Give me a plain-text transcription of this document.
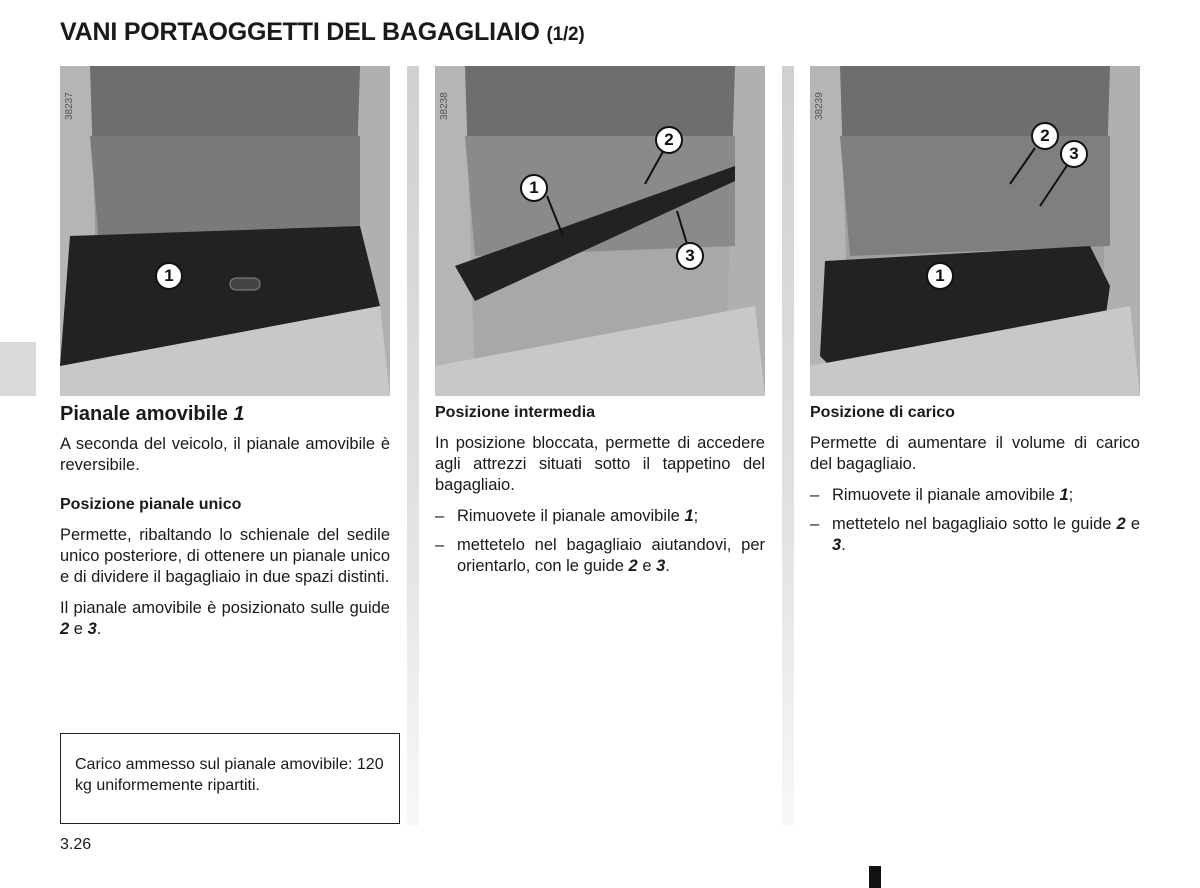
VANI PORTAOGGETTI DEL BAGAGLIAIO (1/2)
38237
1
38238
2
1
3
38239
2
3
1
Pianale amovibile 1

A seconda del veicolo, il pianale amovibile è reversibile.

Posizione pianale unico

Permette, ribaltando lo schienale del sedile unico posteriore, di ottenere un pianale unico e di dividere il bagagliaio in due spazi distinti.

Il pianale amovibile è posizionato sulle guide 2 e 3.

Carico ammesso sul pianale amovibile: 120 kg uniformemente ripartiti.
Posizione intermedia

In posizione bloccata, permette di accedere agli attrezzi situati sotto il tappetino del bagagliaio.

– Rimuovete il pianale amovibile 1;
– mettetelo nel bagagliaio aiutandovi, per orientarlo, con le guide 2 e 3.
Posizione di carico

Permette di aumentare il volume di carico del bagagliaio.

– Rimuovete il pianale amovibile 1;
– mettetelo nel bagagliaio sotto le guide 2 e 3.
3.26
